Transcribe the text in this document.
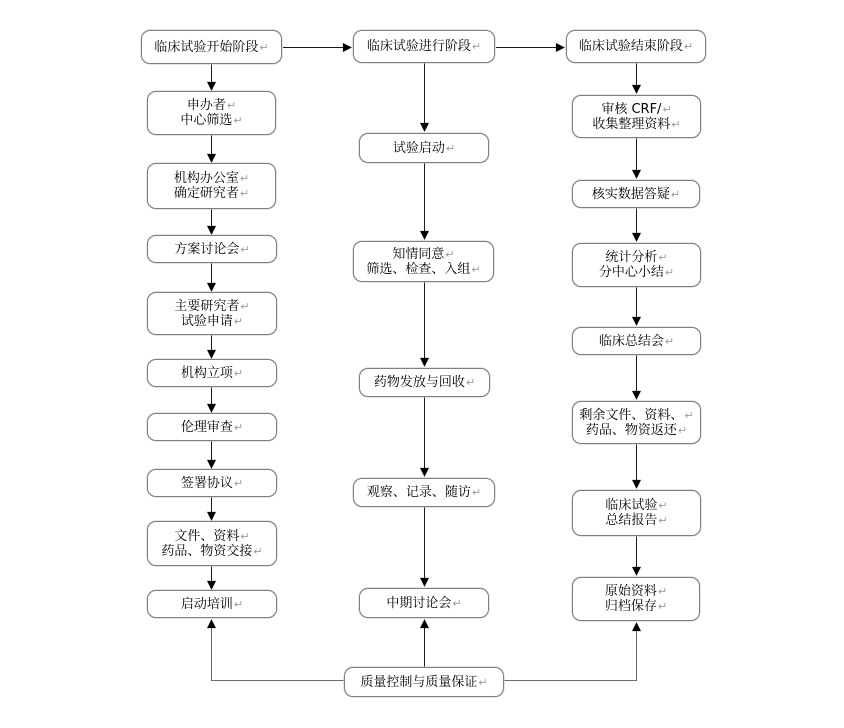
临床试验开始阶段↵
申办者↵
中心筛选↵
机构办公室↵
确定研究者↵
方案讨论会↵
主要研究者↵
试验申请↵
机构立项↵
伦理审查↵
签署协议↵
文件、资料↵
药品、物资交接↵
启动培训↵
临床试验进行阶段↵
试验启动↵
知情同意↵
筛选、检查、入组↵
药物发放与回收↵
观察、记录、随访↵
中期讨论会↵
临床试验结束阶段↵
审核 CRF/↵
收集整理资料↵
核实数据答疑↵
统计分析↵
分中心小结↵
临床总结会↵
剩余文件、资料、↵
药品、物资返还↵
临床试验↵
总结报告↵
原始资料↵
归档保存↵
质量控制与质量保证↵
